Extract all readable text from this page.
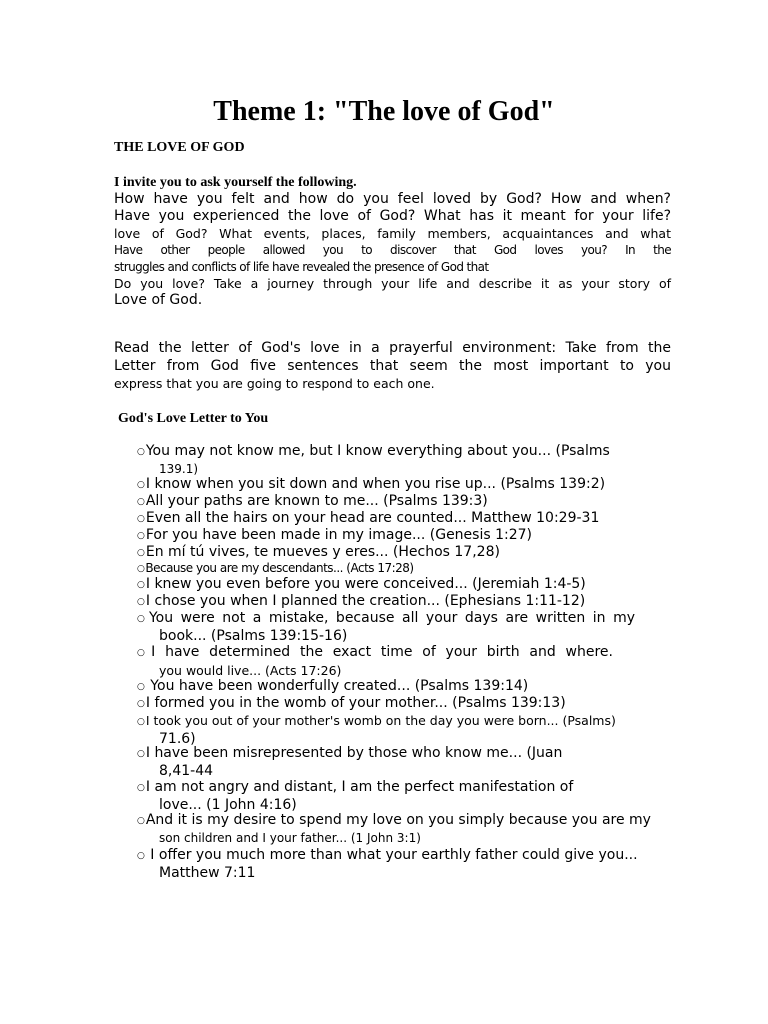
Theme 1: "The love of God"

THE LOVE OF GOD

I invite you to ask yourself the following.

How have you felt and how do you feel loved by God? How and when?

Have you experienced the love of God? What has it meant for your life?

love of God? What events, places, family members, acquaintances and what

Have other people allowed you to discover that God loves you? In the

struggles and conflicts of life have revealed the presence of God that

Do you love? Take a journey through your life and describe it as your story of

Love of God.

Read the letter of God's love in a prayerful environment: Take from the

Letter from God five sentences that seem the most important to you

express that you are going to respond to each one.

God's Love Letter to You

○You may not know me, but I know everything about you... (Psalms
139.1)
○I know when you sit down and when you rise up... (Psalms 139:2)
○All your paths are known to me... (Psalms 139:3)
○Even all the hairs on your head are counted... Matthew 10:29-31
○For you have been made in my image... (Genesis 1:27)
○En mí tú vives, te mueves y eres... (Hechos 17,28)
○Because you are my descendants... (Acts 17:28)
○I knew you even before you were conceived... (Jeremiah 1:4-5)
○I chose you when I planned the creation... (Ephesians 1:11-12)
○You were not a mistake, because all your days are written in my
book... (Psalms 139:15-16)
○I have determined the exact time of your birth and where.
you would live... (Acts 17:26)
○ You have been wonderfully created... (Psalms 139:14)
○I formed you in the womb of your mother... (Psalms 139:13)
○I took you out of your mother's womb on the day you were born... (Psalms)
71.6)
○I have been misrepresented by those who know me... (Juan
8,41-44
○I am not angry and distant, I am the perfect manifestation of
love... (1 John 4:16)
○And it is my desire to spend my love on you simply because you are my
son children and I your father... (1 John 3:1)
○ I offer you much more than what your earthly father could give you...
Matthew 7:11
